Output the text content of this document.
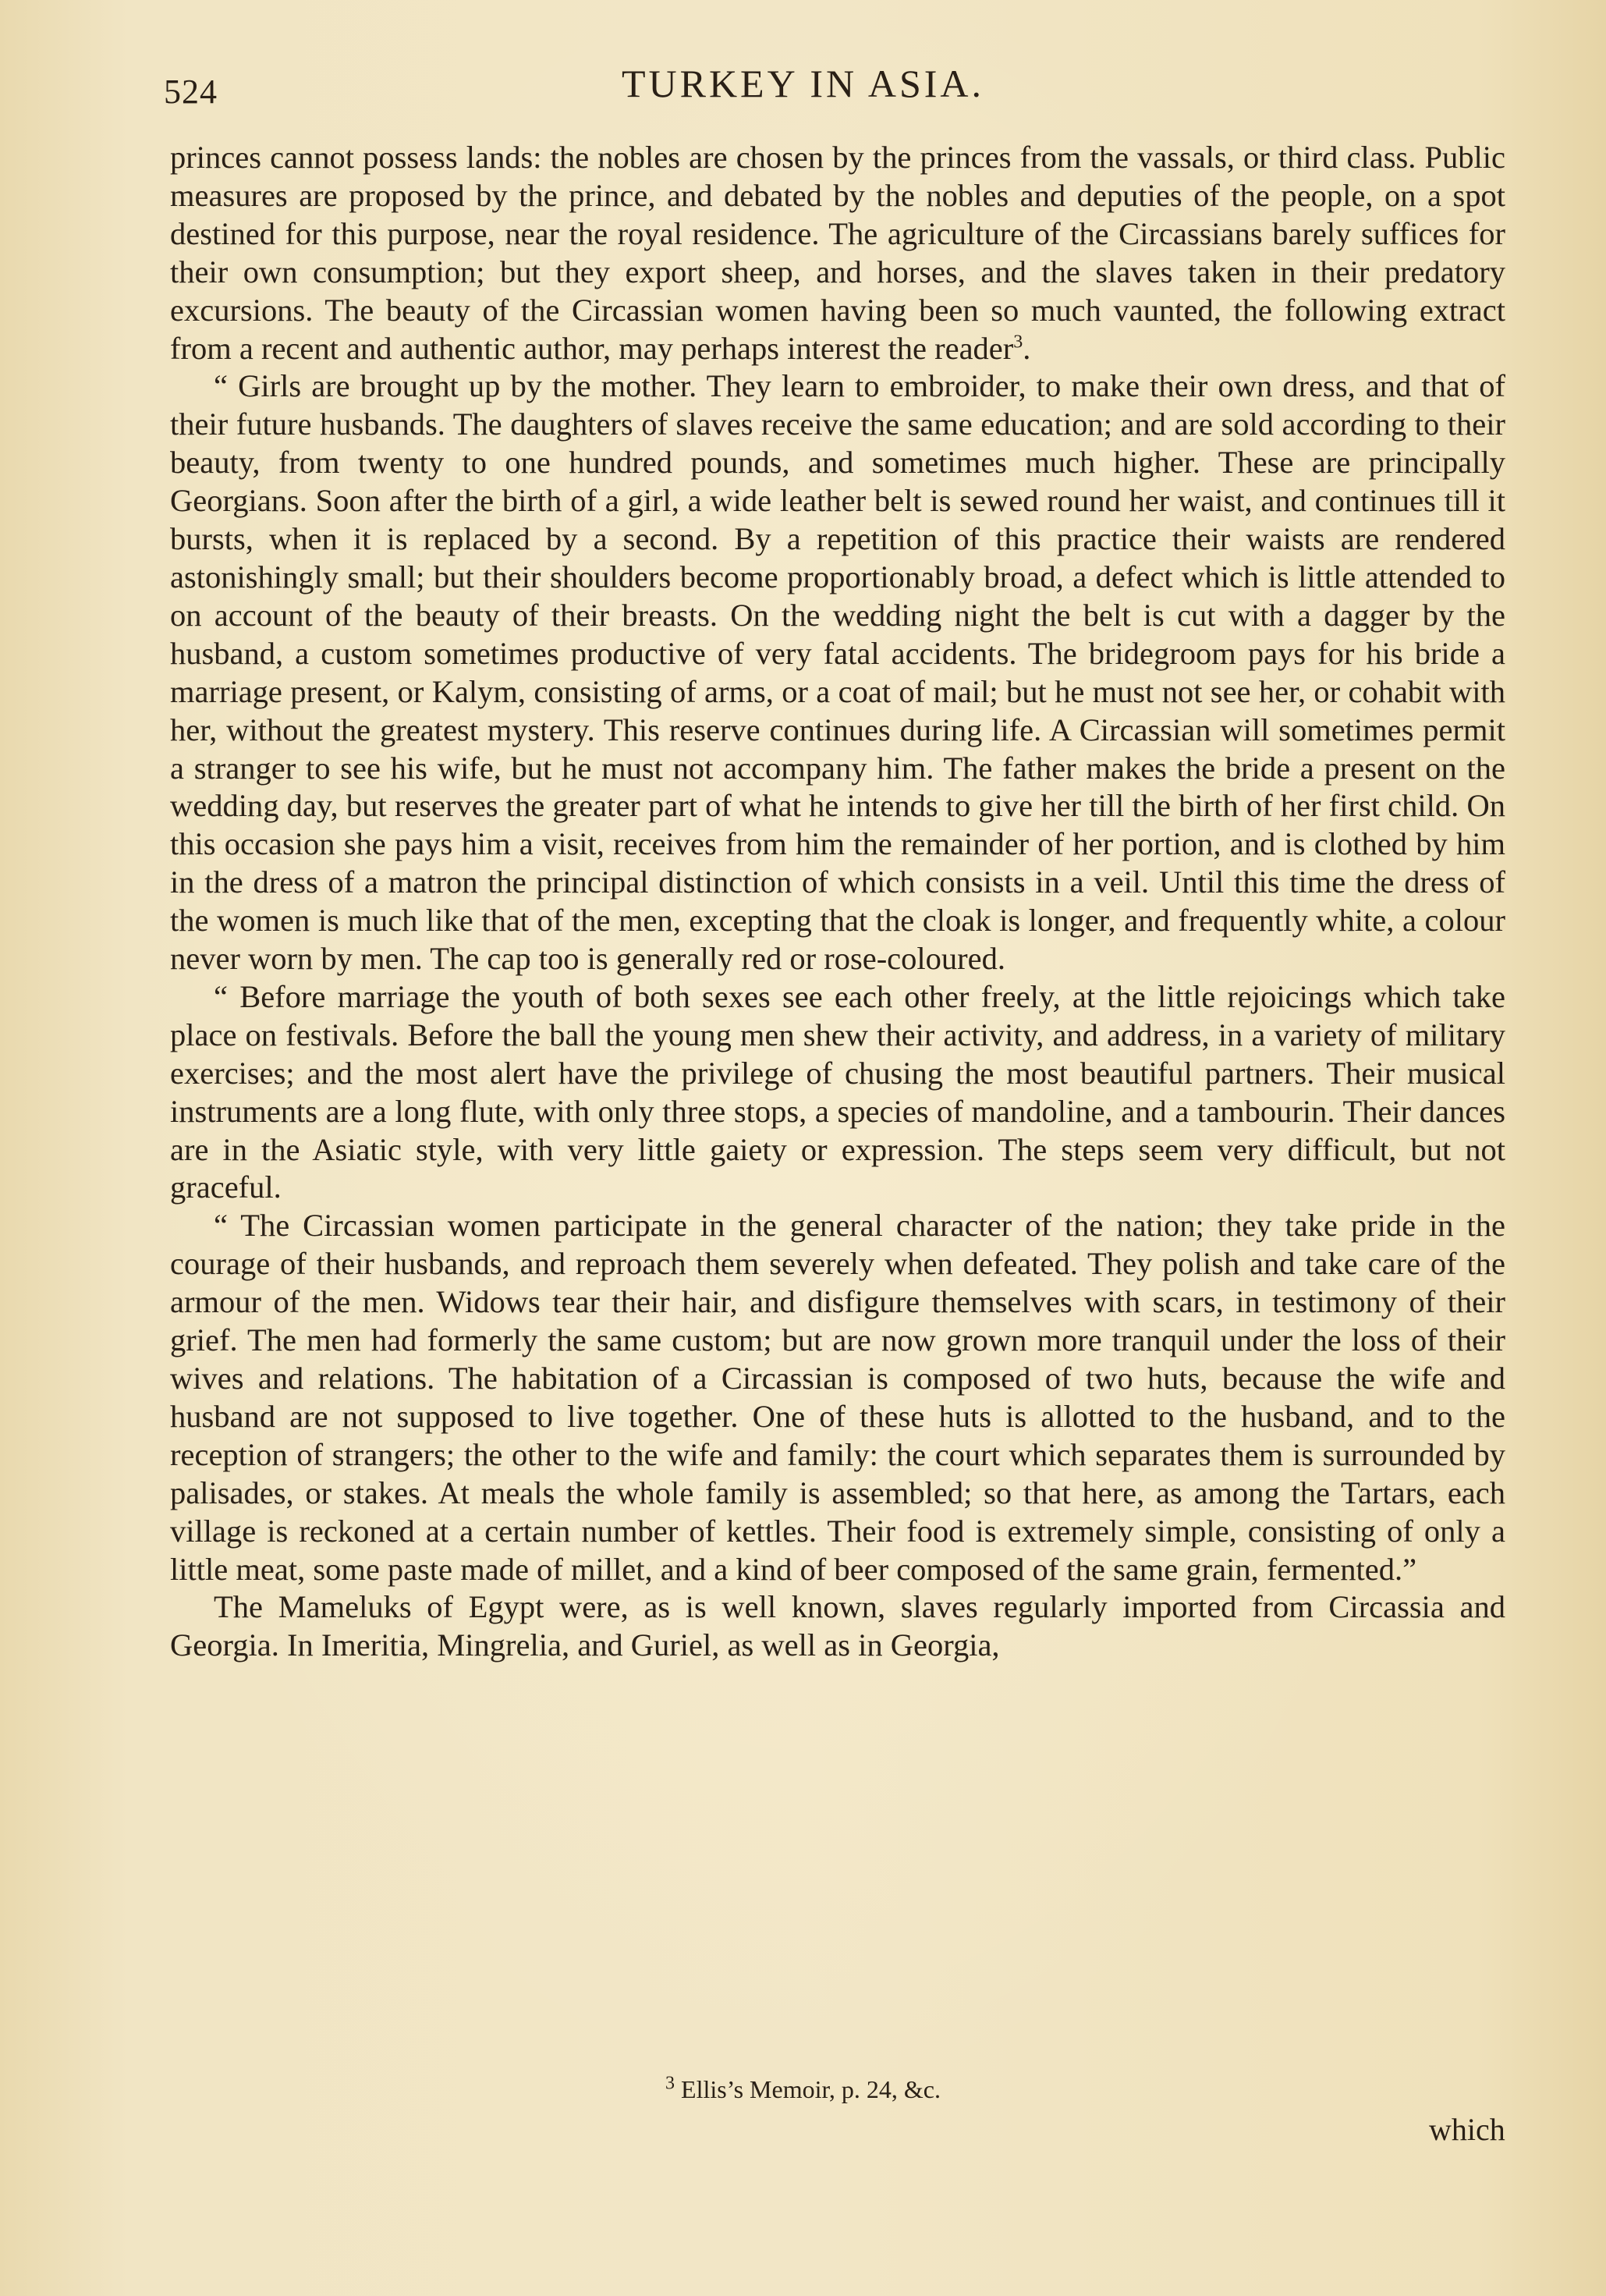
524	TURKEY IN ASIA.

princes cannot possess lands: the nobles are chosen by the princes from the vassals, or third class. Public measures are proposed by the prince, and debated by the nobles and deputies of the people, on a spot destined for this purpose, near the royal residence. The agriculture of the Circassians barely suffices for their own consumption; but they export sheep, and horses, and the slaves taken in their predatory excursions. The beauty of the Circassian women having been so much vaunted, the following extract from a recent and authentic author, may perhaps interest the reader$^3$.

“ Girls are brought up by the mother. They learn to embroider, to make their own dress, and that of their future husbands. The daughters of slaves receive the same education; and are sold according to their beauty, from twenty to one hundred pounds, and sometimes much higher. These are principally Georgians. Soon after the birth of a girl, a wide leather belt is sewed round her waist, and continues till it bursts, when it is replaced by a second. By a repetition of this practice their waists are rendered astonishingly small; but their shoulders become proportionably broad, a defect which is little attended to on account of the beauty of their breasts. On the wedding night the belt is cut with a dagger by the husband, a custom sometimes productive of very fatal accidents. The bridegroom pays for his bride a marriage present, or Kalym, consisting of arms, or a coat of mail; but he must not see her, or cohabit with her, without the greatest mystery. This reserve continues during life. A Circassian will sometimes permit a stranger to see his wife, but he must not accompany him. The father makes the bride a present on the wedding day, but reserves the greater part of what he intends to give her till the birth of her first child. On this occasion she pays him a visit, receives from him the remainder of her portion, and is clothed by him in the dress of a matron the principal distinction of which consists in a veil. Until this time the dress of the women is much like that of the men, excepting that the cloak is longer, and frequently white, a colour never worn by men. The cap too is generally red or rose-coloured.

“ Before marriage the youth of both sexes see each other freely, at the little rejoicings which take place on festivals. Before the ball the young men shew their activity, and address, in a variety of military exercises; and the most alert have the privilege of chusing the most beautiful partners. Their musical instruments are a long flute, with only three stops, a species of mandoline, and a tambourin. Their dances are in the Asiatic style, with very little gaiety or expression. The steps seem very difficult, but not graceful.

“ The Circassian women participate in the general character of the nation; they take pride in the courage of their husbands, and reproach them severely when defeated. They polish and take care of the armour of the men. Widows tear their hair, and disfigure themselves with scars, in testimony of their grief. The men had formerly the same custom; but are now grown more tranquil under the loss of their wives and relations. The habitation of a Circassian is composed of two huts, because the wife and husband are not supposed to live together. One of these huts is allotted to the husband, and to the reception of strangers; the other to the wife and family: the court which separates them is surrounded by palisades, or stakes. At meals the whole family is assembled; so that here, as among the Tartars, each village is reckoned at a certain number of kettles. Their food is extremely simple, consisting of only a little meat, some paste made of millet, and a kind of beer composed of the same grain, fermented.”

The Mameluks of Egypt were, as is well known, slaves regularly imported from Circassia and Georgia. In Imeritia, Mingrelia, and Guriel, as well as in Georgia,

$^3$ Ellis’s Memoir, p. 24, &c.
which
